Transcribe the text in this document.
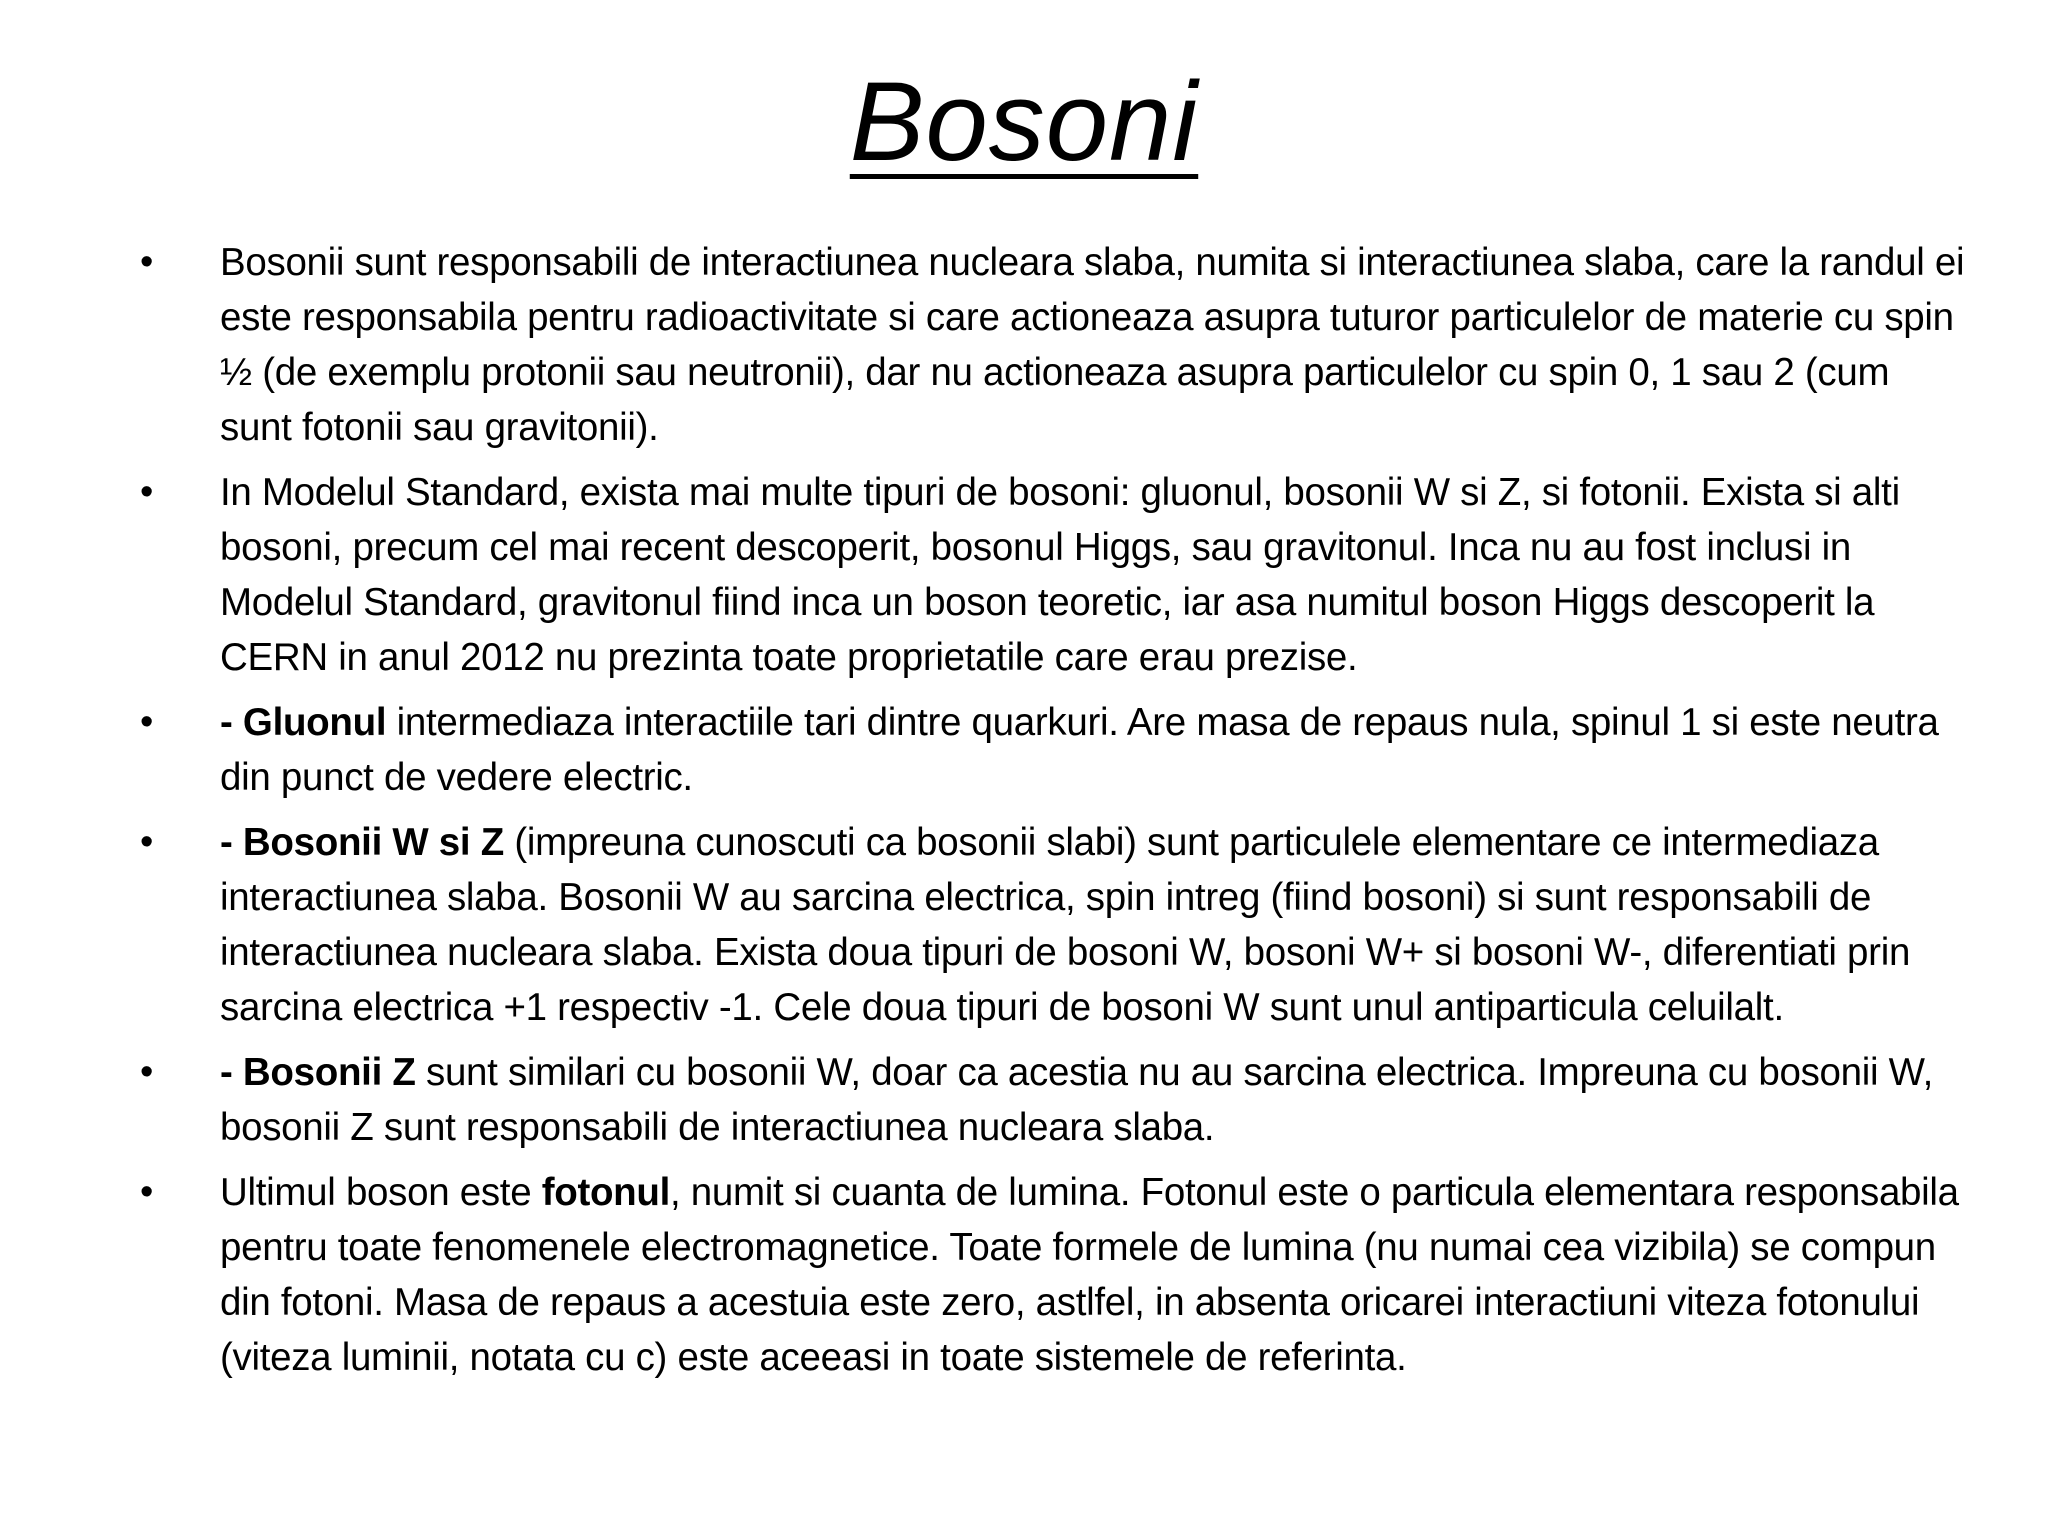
Bosoni
•	Bosonii sunt responsabili de interactiunea nucleara slaba, numita si interactiunea slaba, care la randul ei este responsabila pentru radioactivitate si care actioneaza asupra tuturor particulelor de materie cu spin ½ (de exemplu protonii sau neutronii), dar nu actioneaza asupra particulelor cu spin 0, 1 sau 2 (cum sunt fotonii sau gravitonii).
•	In Modelul Standard, exista mai multe tipuri de bosoni: gluonul, bosonii W si Z, si fotonii. Exista si alti bosoni, precum cel mai recent descoperit, bosonul Higgs, sau gravitonul. Inca nu au fost inclusi in Modelul Standard, gravitonul fiind inca un boson teoretic, iar asa numitul boson Higgs descoperit la CERN in anul 2012 nu prezinta toate proprietatile care erau prezise.
•	- Gluonul intermediaza interactiile tari dintre quarkuri. Are masa de repaus nula, spinul 1 si este neutra din punct de vedere electric.
•	- Bosonii W si Z (impreuna cunoscuti ca bosonii slabi) sunt particulele elementare ce intermediaza interactiunea slaba. Bosonii W au sarcina electrica, spin intreg (fiind bosoni) si sunt responsabili de interactiunea nucleara slaba. Exista doua tipuri de bosoni W, bosoni W+ si bosoni W-, diferentiati prin sarcina electrica +1 respectiv -1. Cele doua tipuri de bosoni W sunt unul antiparticula celuilalt.
•	- Bosonii Z sunt similari cu bosonii W, doar ca acestia nu au sarcina electrica. Impreuna cu bosonii W, bosonii Z sunt responsabili de interactiunea nucleara slaba.
•	Ultimul boson este fotonul, numit si cuanta de lumina. Fotonul este o particula elementara responsabila pentru toate fenomenele electromagnetice. Toate formele de lumina (nu numai cea vizibila) se compun din fotoni. Masa de repaus a acestuia este zero, astlfel, in absenta oricarei interactiuni viteza fotonului (viteza luminii, notata cu c) este aceeasi in toate sistemele de referinta.
